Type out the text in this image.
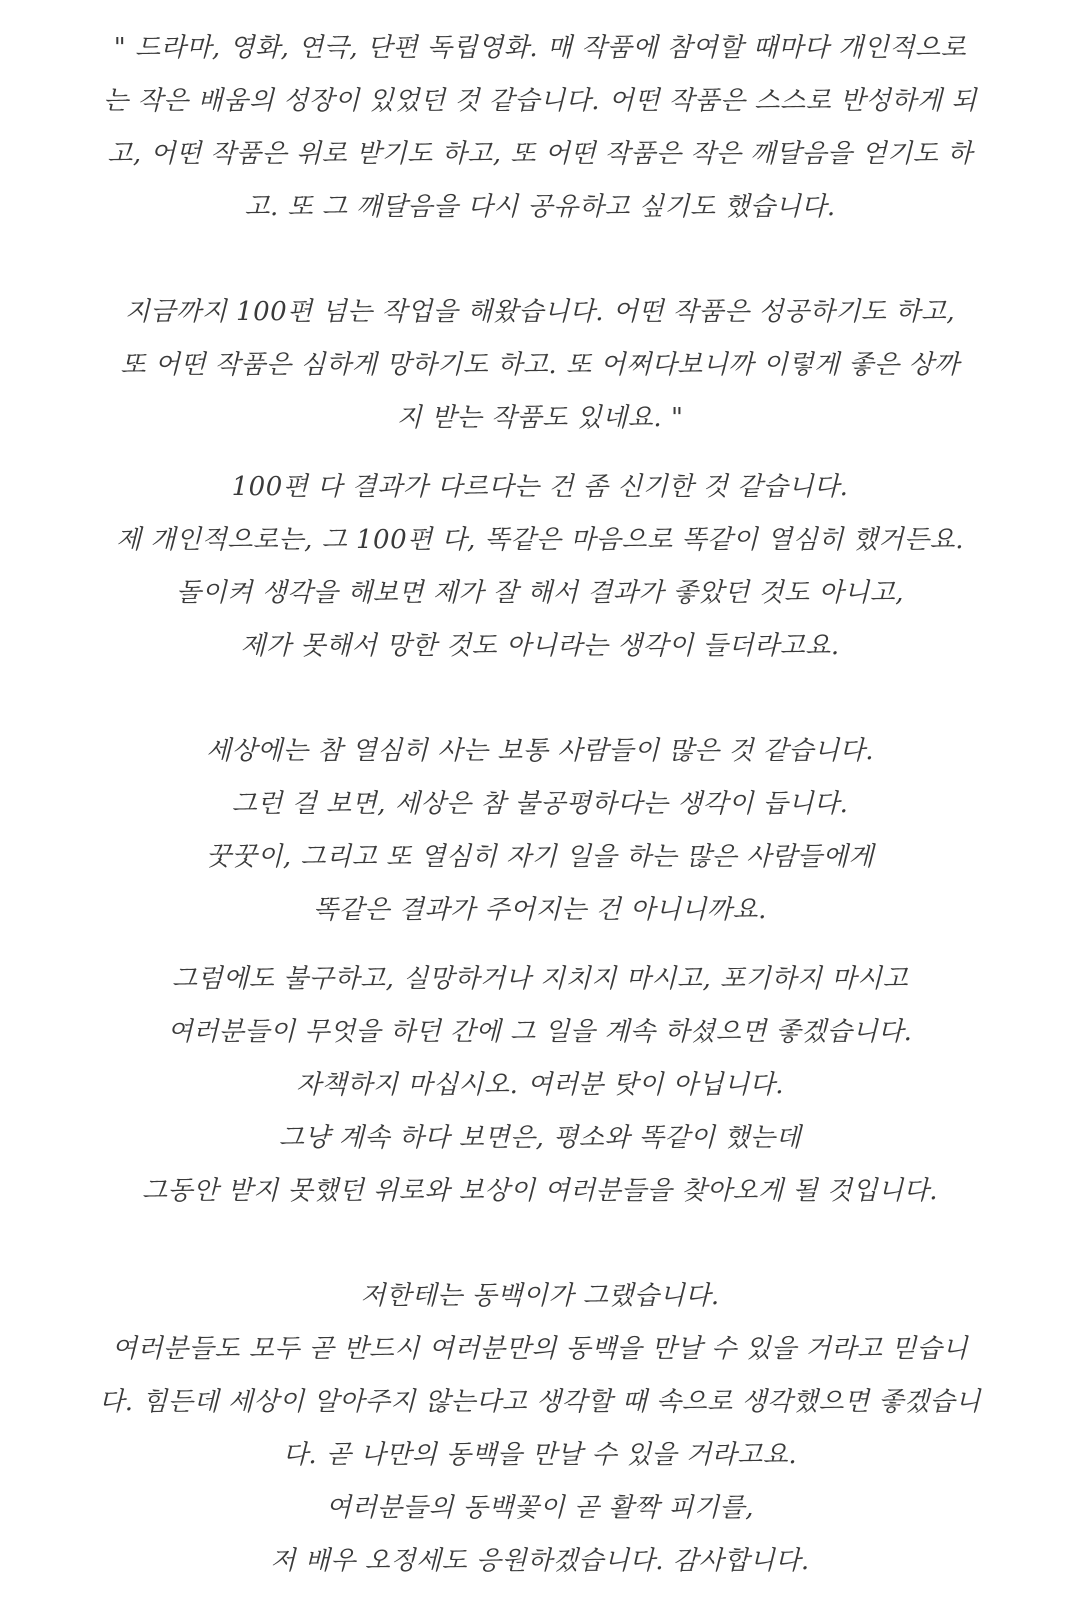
" 드라마, 영화, 연극, 단편 독립영화. 매 작품에 참여할 때마다 개인적으로
는 작은 배움의 성장이 있었던 것 같습니다. 어떤 작품은 스스로 반성하게 되
고, 어떤 작품은 위로 받기도 하고, 또 어떤 작품은 작은 깨달음을 얻기도 하
고. 또 그 깨달음을 다시 공유하고 싶기도 했습니다.

지금까지 100편 넘는 작업을 해왔습니다. 어떤 작품은 성공하기도 하고,
또 어떤 작품은 심하게 망하기도 하고. 또 어쩌다보니까 이렇게 좋은 상까
지 받는 작품도 있네요. "

100편 다 결과가 다르다는 건 좀 신기한 것 같습니다.
제 개인적으로는, 그 100편 다, 똑같은 마음으로 똑같이 열심히 했거든요.
돌이켜 생각을 해보면 제가 잘 해서 결과가 좋았던 것도 아니고,
제가 못해서 망한 것도 아니라는 생각이 들더라고요.

세상에는 참 열심히 사는 보통 사람들이 많은 것 같습니다.
그런 걸 보면, 세상은 참 불공평하다는 생각이 듭니다.
꿋꿋이, 그리고 또 열심히 자기 일을 하는 많은 사람들에게
똑같은 결과가 주어지는 건 아니니까요.

그럼에도 불구하고, 실망하거나 지치지 마시고, 포기하지 마시고
여러분들이 무엇을 하던 간에 그 일을 계속 하셨으면 좋겠습니다.
자책하지 마십시오. 여러분 탓이 아닙니다.
그냥 계속 하다 보면은, 평소와 똑같이 했는데
그동안 받지 못했던 위로와 보상이 여러분들을 찾아오게 될 것입니다.

저한테는 동백이가 그랬습니다.
여러분들도 모두 곧 반드시 여러분만의 동백을 만날 수 있을 거라고 믿습니
다. 힘든데 세상이 알아주지 않는다고 생각할 때 속으로 생각했으면 좋겠습니
다. 곧 나만의 동백을 만날 수 있을 거라고요.
여러분들의 동백꽃이 곧 활짝 피기를,
저 배우 오정세도 응원하겠습니다. 감사합니다.
